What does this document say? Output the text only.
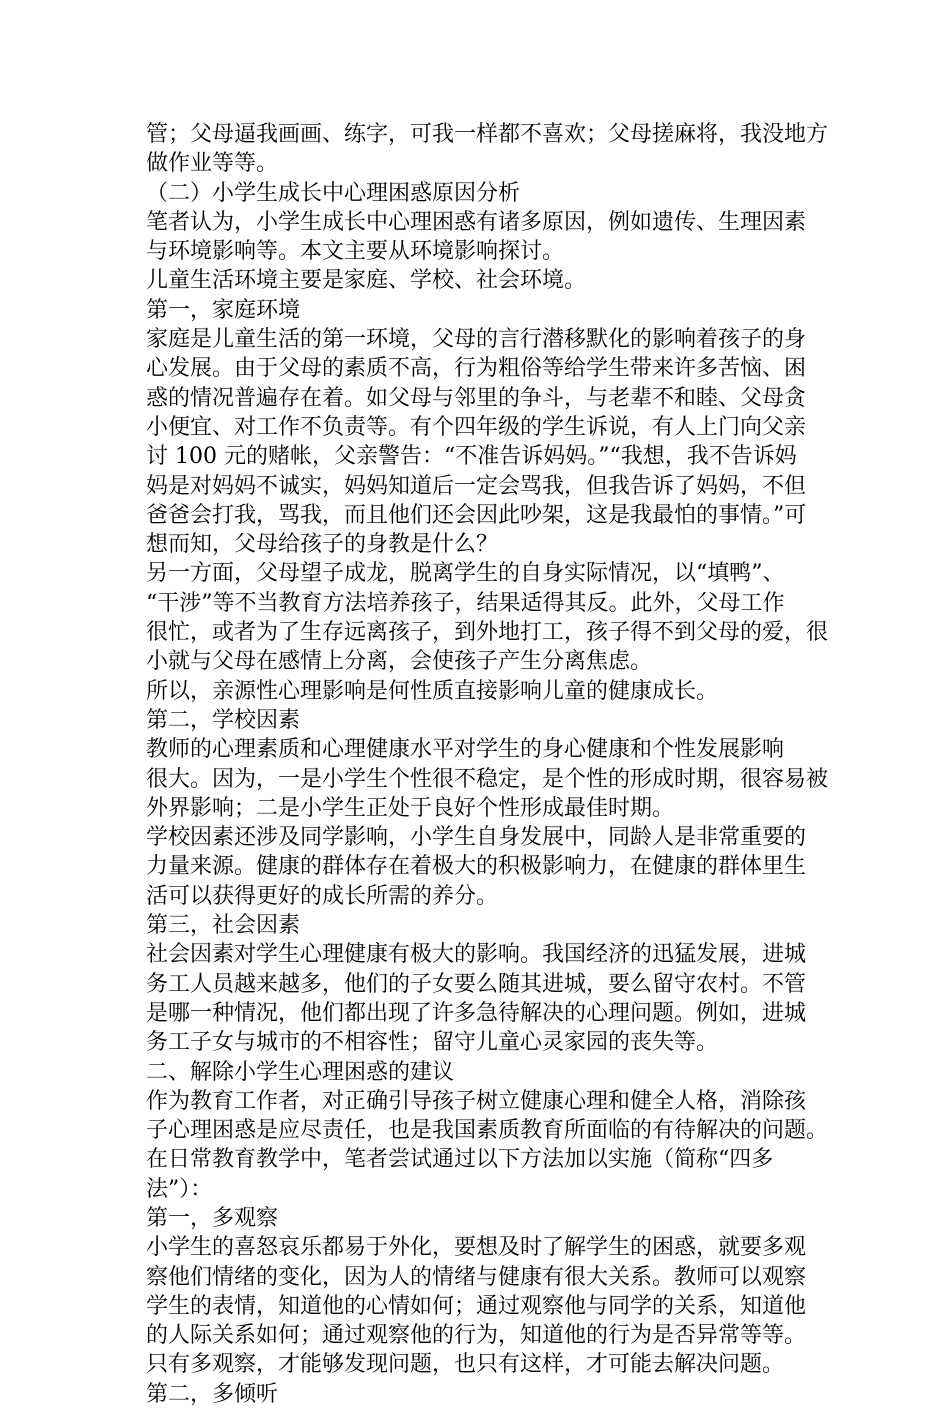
管；父母逼我画画、练字，可我一样都不喜欢；父母搓麻将，我没地方
做作业等等。
（二）小学生成长中心理困惑原因分析
笔者认为，小学生成长中心理困惑有诸多原因，例如遗传、生理因素
与环境影响等。本文主要从环境影响探讨。
儿童生活环境主要是家庭、学校、社会环境。
第一，家庭环境
家庭是儿童生活的第一环境，父母的言行潜移默化的影响着孩子的身
心发展。由于父母的素质不高，行为粗俗等给学生带来许多苦恼、困
惑的情况普遍存在着。如父母与邻里的争斗，与老辈不和睦、父母贪
小便宜、对工作不负责等。有个四年级的学生诉说，有人上门向父亲
讨 100 元的赌帐，父亲警告：“不准告诉妈妈。”“我想，我不告诉妈
妈是对妈妈不诚实，妈妈知道后一定会骂我，但我告诉了妈妈，不但
爸爸会打我，骂我，而且他们还会因此吵架，这是我最怕的事情。”可
想而知，父母给孩子的身教是什么？
另一方面，父母望子成龙，脱离学生的自身实际情况，以“填鸭”、
“干涉”等不当教育方法培养孩子，结果适得其反。此外，父母工作
很忙，或者为了生存远离孩子，到外地打工，孩子得不到父母的爱，很
小就与父母在感情上分离，会使孩子产生分离焦虑。
所以，亲源性心理影响是何性质直接影响儿童的健康成长。
第二，学校因素
教师的心理素质和心理健康水平对学生的身心健康和个性发展影响
很大。因为，一是小学生个性很不稳定，是个性的形成时期，很容易被
外界影响；二是小学生正处于良好个性形成最佳时期。
学校因素还涉及同学影响，小学生自身发展中，同龄人是非常重要的
力量来源。健康的群体存在着极大的积极影响力，在健康的群体里生
活可以获得更好的成长所需的养分。
第三，社会因素
社会因素对学生心理健康有极大的影响。我国经济的迅猛发展，进城
务工人员越来越多，他们的子女要么随其进城，要么留守农村。不管
是哪一种情况，他们都出现了许多急待解决的心理问题。例如，进城
务工子女与城市的不相容性；留守儿童心灵家园的丧失等。
二、解除小学生心理困惑的建议
作为教育工作者，对正确引导孩子树立健康心理和健全人格，消除孩
子心理困惑是应尽责任，也是我国素质教育所面临的有待解决的问题。
在日常教育教学中，笔者尝试通过以下方法加以实施（简称“四多
法”）：
第一，多观察
小学生的喜怒哀乐都易于外化，要想及时了解学生的困惑，就要多观
察他们情绪的变化，因为人的情绪与健康有很大关系。教师可以观察
学生的表情，知道他的心情如何；通过观察他与同学的关系，知道他
的人际关系如何；通过观察他的行为，知道他的行为是否异常等等。
只有多观察，才能够发现问题，也只有这样，才可能去解决问题。
第二，多倾听
